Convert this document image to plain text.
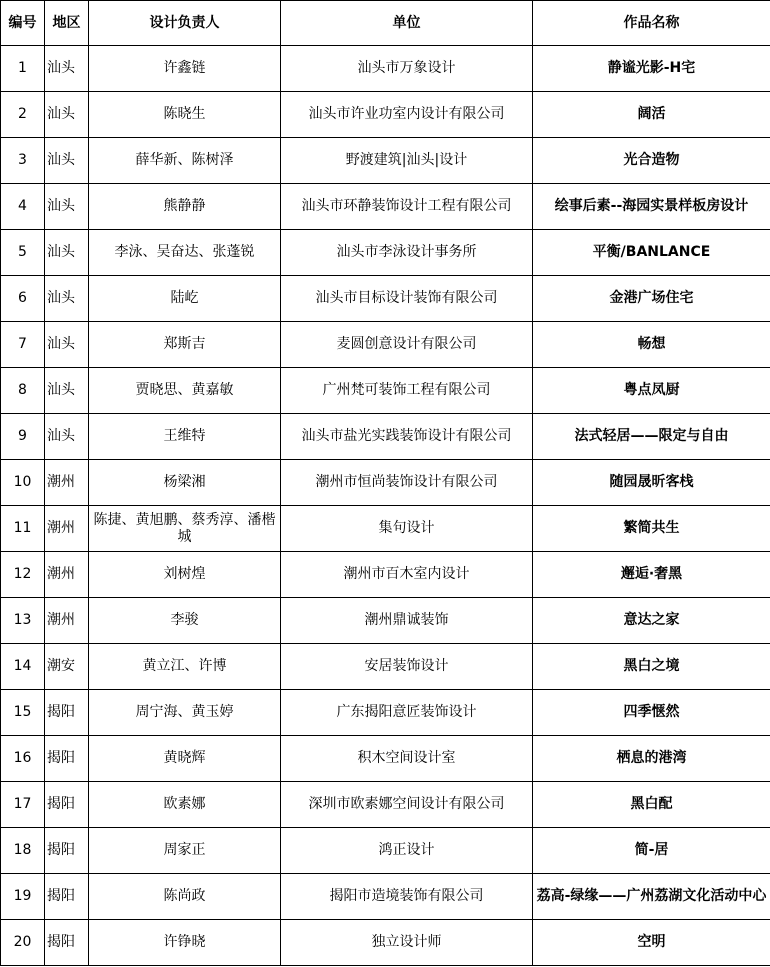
编号	地区	设计负责人	单位	作品名称
1	汕头	许鑫链	汕头市万象设计	静谧光影-H宅
2	汕头	陈晓生	汕头市许业功室内设计有限公司	阔活
3	汕头	薛华新、陈树泽	野渡建筑|汕头|设计	光合造物
4	汕头	熊静静	汕头市环静装饰设计工程有限公司	绘事后素--海园实景样板房设计
5	汕头	李泳、吴奋达、张蓬锐	汕头市李泳设计事务所	平衡/BANLANCE
6	汕头	陆屹	汕头市目标设计装饰有限公司	金港广场住宅
7	汕头	郑斯吉	麦圆创意设计有限公司	畅想
8	汕头	贾晓思、黄嘉敏	广州梵可装饰工程有限公司	粤点凤厨
9	汕头	王维特	汕头市盐光实践装饰设计有限公司	法式轻居——限定与自由
10	潮州	杨梁湘	潮州市恒尚装饰设计有限公司	随园晟昕客栈
11	潮州	陈捷、黄旭鹏、蔡秀淳、潘楷城	集句设计	繁简共生
12	潮州	刘树煌	潮州市百木室内设计	邂逅·奢黑
13	潮州	李骏	潮州鼎诚装饰	意达之家
14	潮安	黄立江、许博	安居装饰设计	黑白之境
15	揭阳	周宁海、黄玉婷	广东揭阳意匠装饰设计	四季惬然
16	揭阳	黄晓辉	积木空间设计室	栖息的港湾
17	揭阳	欧素娜	深圳市欧素娜空间设计有限公司	黑白配
18	揭阳	周家正	鸿正设计	简-居
19	揭阳	陈尚政	揭阳市造境装饰有限公司	荔高-绿缘——广州荔湖文化活动中心
20	揭阳	许铮晓	独立设计师	空明
